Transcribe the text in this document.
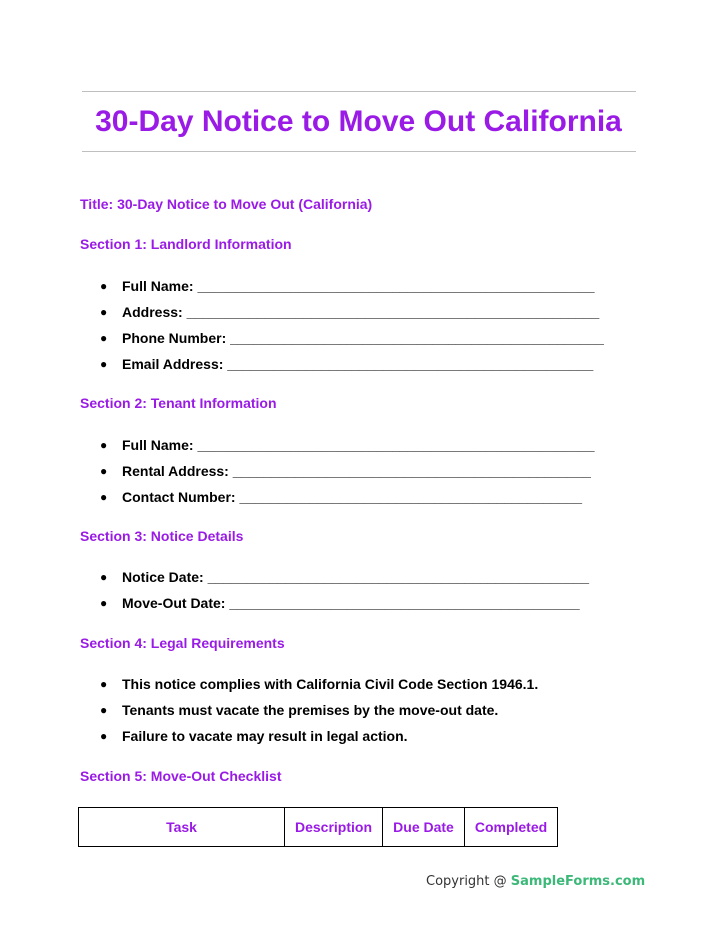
30-Day Notice to Move Out California
Title: 30-Day Notice to Move Out (California)
Section 1: Landlord Information
● Full Name: ___________________________________________________
● Address: _____________________________________________________
● Phone Number: ________________________________________________
● Email Address: _______________________________________________
Section 2: Tenant Information
● Full Name: ___________________________________________________
● Rental Address: ______________________________________________
● Contact Number: ____________________________________________
Section 3: Notice Details
● Notice Date: _________________________________________________
● Move-Out Date: _____________________________________________
Section 4: Legal Requirements
● This notice complies with California Civil Code Section 1946.1.
● Tenants must vacate the premises by the move-out date.
● Failure to vacate may result in legal action.
Section 5: Move-Out Checklist
Task	Description	Due Date	Completed
Copyright @ SampleForms.com
